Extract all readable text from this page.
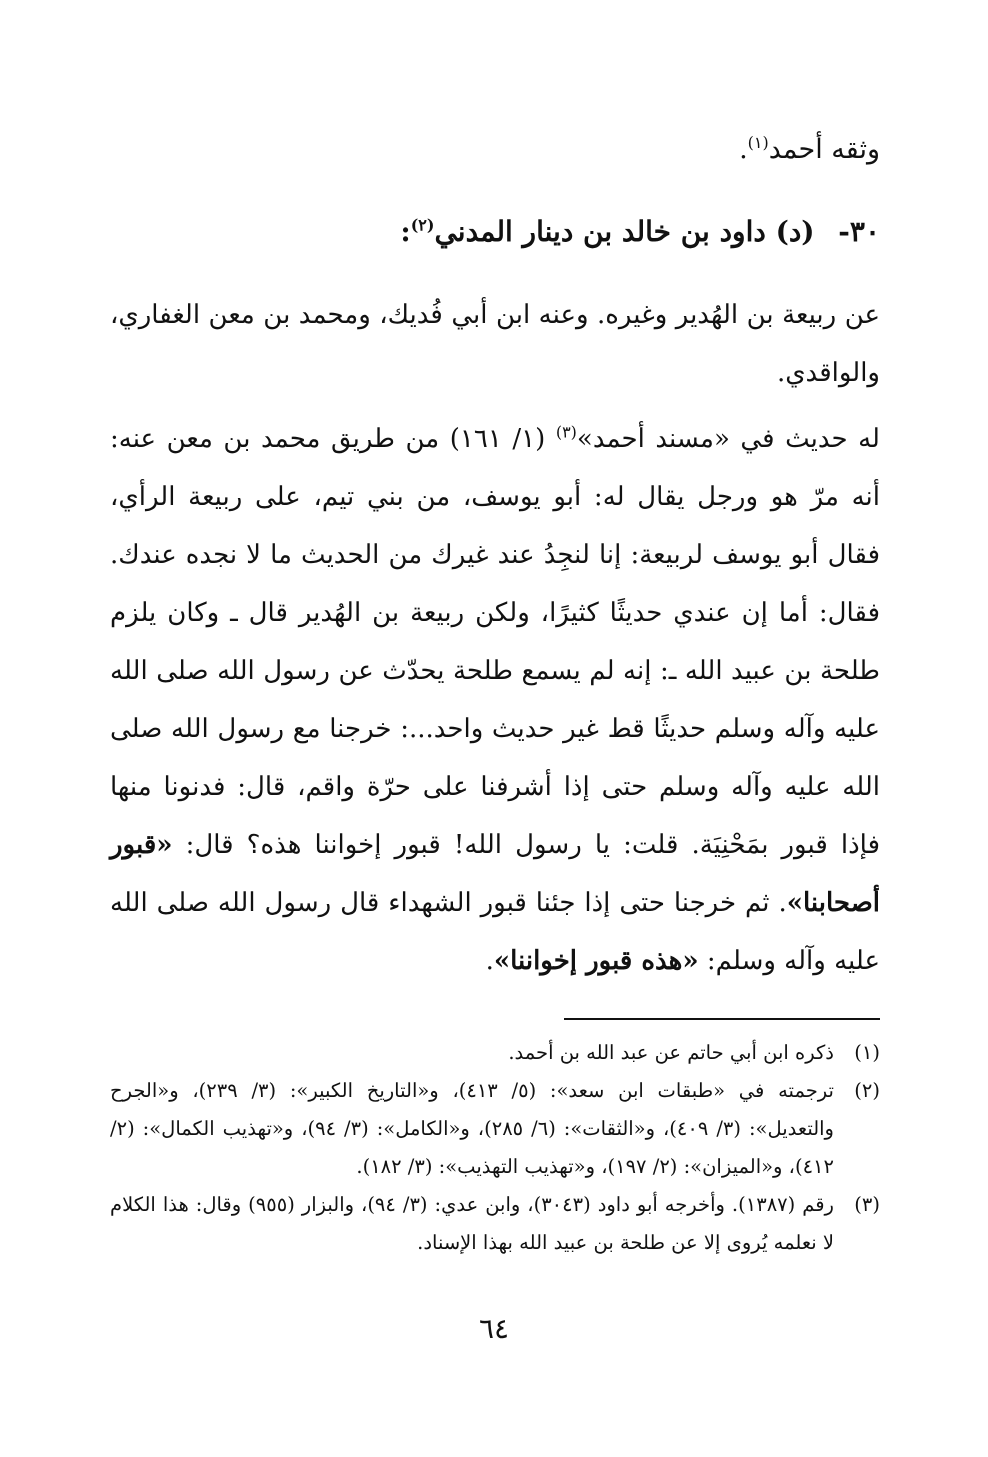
وثقه أحمد$^{(١)}$.
٣٠- (د) داود بن خالد بن دينار المدني$^{(٢)}$:

عن ربيعة بن الهُدير وغيره. وعنه ابن أبي فُديك، ومحمد بن معن الغفاري، والواقدي.

له حديث في «مسند أحمد»$^{(٣)}$ (١/ ١٦١) من طريق محمد بن معن عنه: أنه مرّ هو ورجل يقال له: أبو يوسف، من بني تيم، على ربيعة الرأي، فقال أبو يوسف لربيعة: إنا لنجِدُ عند غيرك من الحديث ما لا نجده عندك. فقال: أما إن عندي حديثًا كثيرًا، ولكن ربيعة بن الهُدير قال ـ وكان يلزم طلحة بن عبيد الله ـ: إنه لم يسمع طلحة يحدّث عن رسول الله صلى الله عليه وآله وسلم حديثًا قط غير حديث واحد...: خرجنا مع رسول الله صلى الله عليه وآله وسلم حتى إذا أشرفنا على حرّة واقم، قال: فدنونا منها فإذا قبور بمَحْنِيَة. قلت: يا رسول الله! قبور إخواننا هذه؟ قال: «قبور أصحابنا». ثم خرجنا حتى إذا جئنا قبور الشهداء قال رسول الله صلى الله عليه وآله وسلم: «هذه قبور إخواننا».

(١)
ذكره ابن أبي حاتم عن عبد الله بن أحمد.
(٢)
ترجمته في «طبقات ابن سعد»: (٥/ ٤١٣)، و«التاريخ الكبير»: (٣/ ٢٣٩)، و«الجرح والتعديل»: (٣/ ٤٠٩)، و«الثقات»: (٦/ ٢٨٥)، و«الكامل»: (٣/ ٩٤)، و«تهذيب الكمال»: (٢/ ٤١٢)، و«الميزان»: (٢/ ١٩٧)، و«تهذيب التهذيب»: (٣/ ١٨٢).
(٣)
رقم (١٣٨٧). وأخرجه أبو داود (٣٠٤٣)، وابن عدي: (٣/ ٩٤)، والبزار (٩٥٥) وقال: هذا الكلام لا نعلمه يُروى إلا عن طلحة بن عبيد الله بهذا الإسناد.
٦٤
